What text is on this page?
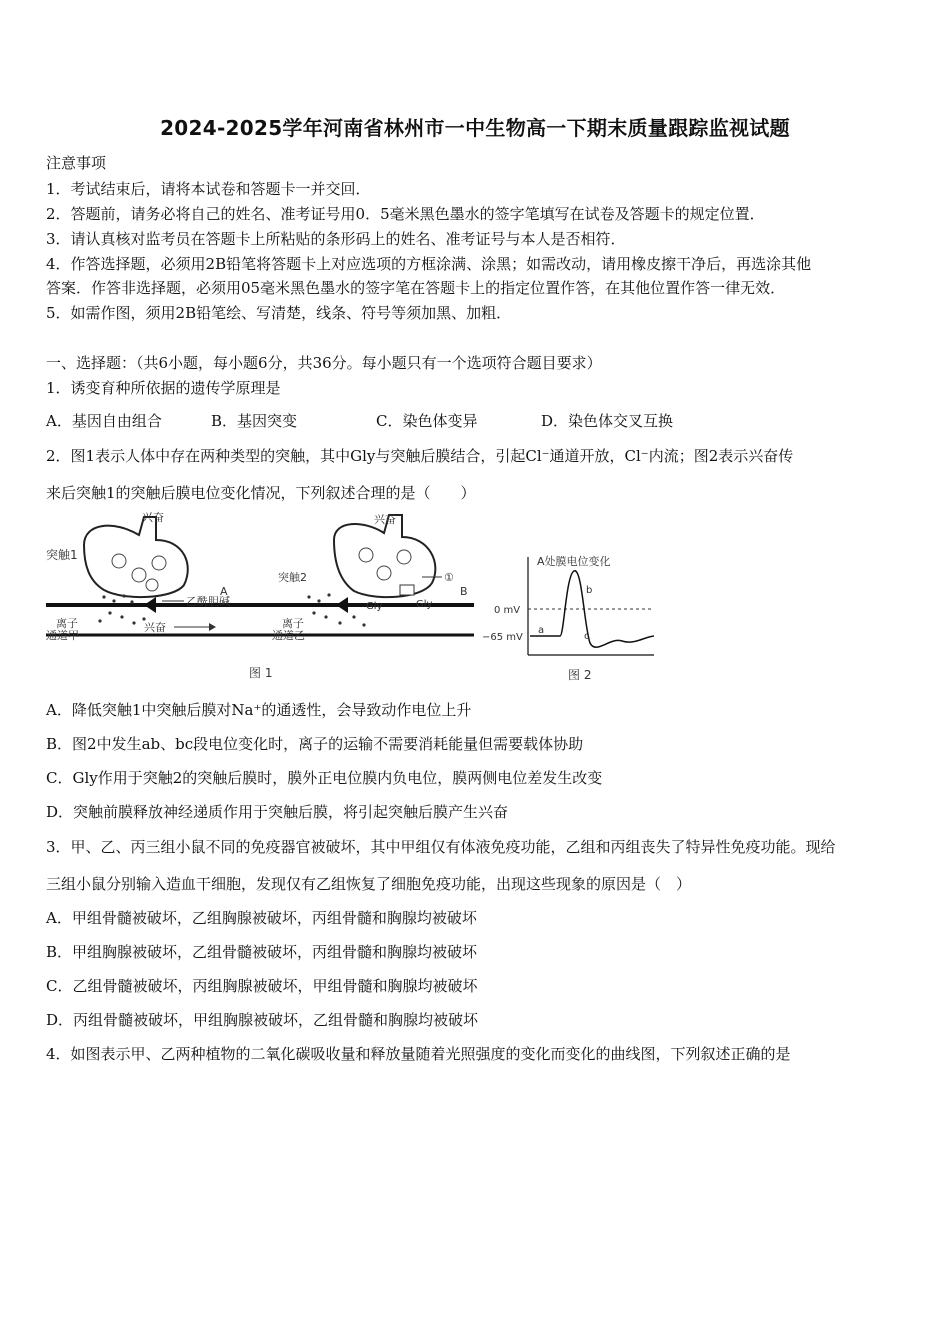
2024-2025学年河南省林州市一中生物高一下期末质量跟踪监视试题
注意事项
1．考试结束后，请将本试卷和答题卡一并交回．
2．答题前，请务必将自己的姓名、准考证号用0．5毫米黑色墨水的签字笔填写在试卷及答题卡的规定位置．
3．请认真核对监考员在答题卡上所粘贴的条形码上的姓名、准考证号与本人是否相符．
4．作答选择题，必须用2B铅笔将答题卡上对应选项的方框涂满、涂黑；如需改动，请用橡皮擦干净后，再选涂其他
答案．作答非选择题，必须用05毫米黑色墨水的签字笔在答题卡上的指定位置作答，在其他位置作答一律无效．
5．如需作图，须用2B铅笔绘、写清楚，线条、符号等须加黑、加粗．
一、选择题：（共6小题，每小题6分，共36分。每小题只有一个选项符合题目要求）
1．诱变育种所依据的遗传学原理是
A．基因自由组合	B．基因突变	C．染色体变异	D．染色体交叉互换
2．图1表示人体中存在两种类型的突触，其中Gly与突触后膜结合，引起Cl⁻通道开放，Cl⁻内流；图2表示兴奋传
来后突触1的突触后膜电位变化情况，下列叙述合理的是（　　）
乙酰胆碱
突触1
兴奋
离子
通道甲
兴奋
A
①
Gly	Gly
突触2
兴奋
离子
通道乙
B
图 1
A处膜电位变化
0 mV
−65 mV
a
b
c
图 2
A．降低突触1中突触后膜对Na⁺的通透性，会导致动作电位上升
B．图2中发生ab、bc段电位变化时，离子的运输不需要消耗能量但需要载体协助
C．Gly作用于突触2的突触后膜时，膜外正电位膜内负电位，膜两侧电位差发生改变
D．突触前膜释放神经递质作用于突触后膜，将引起突触后膜产生兴奋
3．甲、乙、丙三组小鼠不同的免疫器官被破坏，其中甲组仅有体液免疫功能，乙组和丙组丧失了特异性免疫功能。现给
三组小鼠分别输入造血干细胞，发现仅有乙组恢复了细胞免疫功能，出现这些现象的原因是（　）
A．甲组骨髓被破坏，乙组胸腺被破坏，丙组骨髓和胸腺均被破坏
B．甲组胸腺被破坏，乙组骨髓被破坏，丙组骨髓和胸腺均被破坏
C．乙组骨髓被破坏，丙组胸腺被破坏，甲组骨髓和胸腺均被破坏
D．丙组骨髓被破坏，甲组胸腺被破坏，乙组骨髓和胸腺均被破坏
4．如图表示甲、乙两种植物的二氧化碳吸收量和释放量随着光照强度的变化而变化的曲线图，下列叙述正确的是
